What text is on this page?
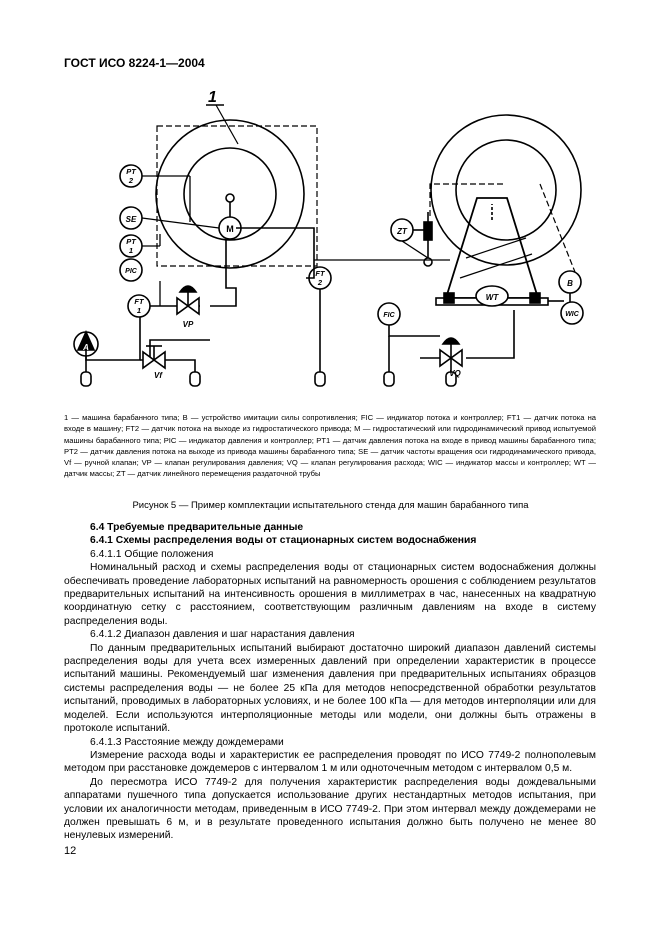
ГОСТ ИСО 8224-1—2004
1
M
PT
2
SE
PT
1
PIC
FT
1
VP
A
Vf
FT
2
WT
ZT
FIC
VQ
B
WIC

1 — машина барабанного типа; B — устройство имитации силы сопротивления; FIC — индикатор потока и контроллер; FT1 — датчик потока на входе в машину; FT2 — датчик потока на выходе из гидростатического привода; M — гидростатический или гидродинамический привод испытуемой машины барабанного типа; PIC — индикатор давления и контроллер; PT1 — датчик давления потока на входе в привод машины барабанного типа; PT2 — датчик давления потока на выходе из привода машины барабанного типа; SE — датчик частоты вращения оси гидродинамического привода, Vf — ручной клапан; VP — клапан регулирования давления; VQ — клапан регулирования расхода; WIC — индикатор массы и контроллер; WT — датчик массы; ZT — датчик линейного перемещения раздаточной трубы

Рисунок 5 — Пример комплектации испытательного стенда для машин барабанного типа

6.4 Требуемые предварительные данные

6.4.1 Схемы распределения воды от стационарных систем водоснабжения

6.4.1.1 Общие положения

Номинальный расход и схемы распределения воды от стационарных систем водоснабжения должны обеспечивать проведение лабораторных испытаний на равномерность орошения с соблюдением результатов предварительных испытаний на интенсивность орошения в миллиметрах в час, нанесенных на квадратную координатную сетку с расстоянием, соответствующим различным давлениям на входе в систему распределения воды.

6.4.1.2 Диапазон давления и шаг нарастания давления

По данным предварительных испытаний выбирают достаточно широкий диапазон давлений системы распределения воды для учета всех измеренных давлений при определении характеристик в процессе испытаний машины. Рекомендуемый шаг изменения давления при предварительных испытаниях образцов системы распределения воды — не более 25 кПа для методов непосредственной обработки результатов испытаний, проводимых в лабораторных условиях, и не более 100 кПа — для методов интерполяции или для моделей. Если используются интерполяционные методы или модели, они должны быть отражены в протоколе испытаний.

6.4.1.3 Расстояние между дождемерами

Измерение расхода воды и характеристик ее распределения проводят по ИСО 7749-2 полнополевым методом при расстановке дождемеров с интервалом 1 м или одноточечным методом с интервалом 0,5 м.

До пересмотра ИСО 7749-2 для получения характеристик распределения воды дождевальными аппаратами пушечного типа допускается использование других нестандартных методов испытания, при условии их аналогичности методам, приведенным в ИСО 7749-2. При этом интервал между дождемерами не должен превышать 6 м, и в результате проведенного испытания должно быть получено не менее 80 ненулевых измерений.

12
